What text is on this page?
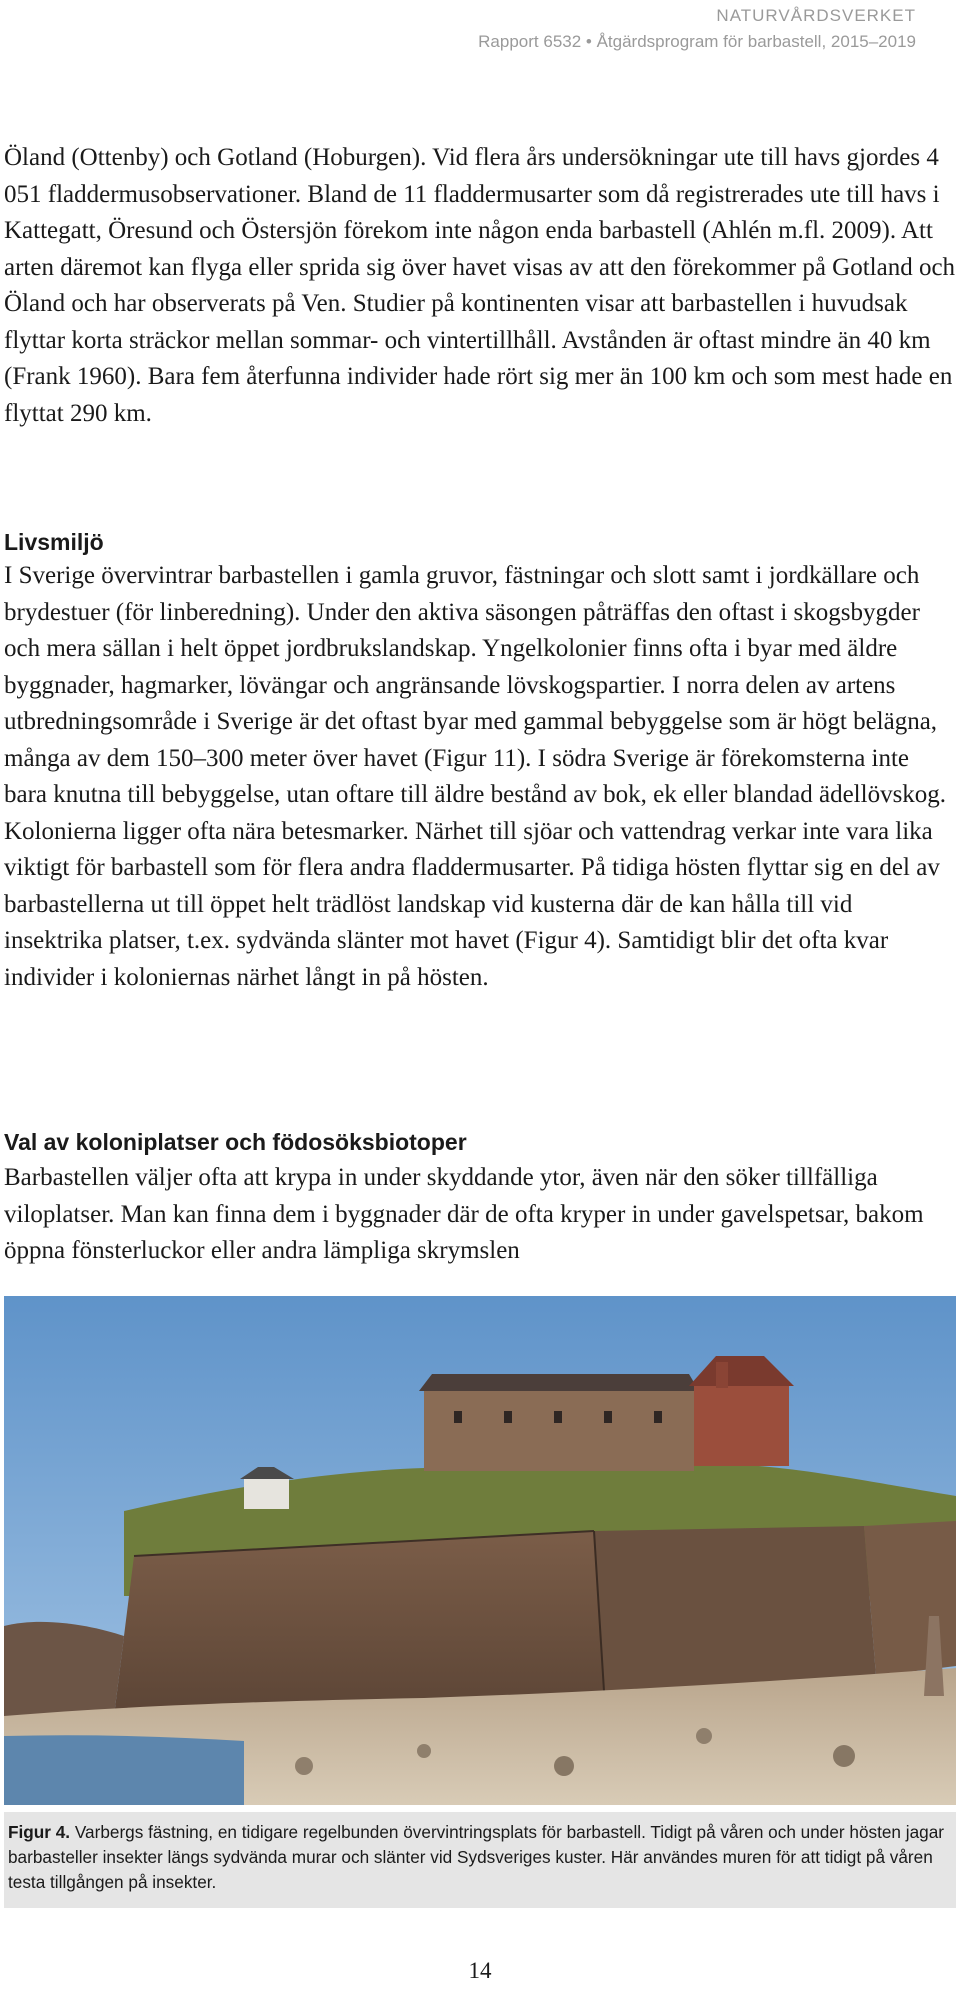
NATURVÅRDSVERKET
Rapport 6532 • Åtgärdsprogram för barbastell, 2015–2019

Öland (Ottenby) och Gotland (Hoburgen). Vid flera års undersökningar ute till havs gjordes 4 051 fladdermusobservationer. Bland de 11 fladdermusarter som då registrerades ute till havs i Kattegatt, Öresund och Östersjön förekom inte någon enda barbastell (Ahlén m.fl. 2009). Att arten däremot kan flyga eller sprida sig över havet visas av att den förekommer på Gotland och Öland och har observerats på Ven. Studier på kontinenten visar att barbastellen i huvudsak flyttar korta sträckor mellan sommar- och vintertillhåll. Avstånden är oftast mindre än 40 km (Frank 1960). Bara fem återfunna individer hade rört sig mer än 100 km och som mest hade en flyttat 290 km.

Livsmiljö

I Sverige övervintrar barbastellen i gamla gruvor, fästningar och slott samt i jordkällare och brydestuer (för linberedning). Under den aktiva säsongen påträffas den oftast i skogsbygder och mera sällan i helt öppet jordbrukslandskap. Yngelkolonier finns ofta i byar med äldre byggnader, hagmarker, lövängar och angränsande lövskogspartier. I norra delen av artens utbredningsområde i Sverige är det oftast byar med gammal bebyggelse som är högt belägna, många av dem 150–300 meter över havet (Figur 11). I södra Sverige är förekomsterna inte bara knutna till bebyggelse, utan oftare till äldre bestånd av bok, ek eller blandad ädellövskog. Kolonierna ligger ofta nära betesmarker. Närhet till sjöar och vattendrag verkar inte vara lika viktigt för barbastell som för flera andra fladdermusarter. På tidiga hösten flyttar sig en del av barbastellerna ut till öppet helt trädlöst landskap vid kusterna där de kan hålla till vid insektrika platser, t.ex. sydvända slänter mot havet (Figur 4). Samtidigt blir det ofta kvar individer i koloniernas närhet långt in på hösten.

Val av koloniplatser och födosöksbiotoper

Barbastellen väljer ofta att krypa in under skyddande ytor, även när den söker tillfälliga viloplatser. Man kan finna dem i byggnader där de ofta kryper in under gavelspetsar, bakom öppna fönsterluckor eller andra lämpliga skrymslen

Figur 4. Varbergs fästning, en tidigare regelbunden övervintringsplats för barbastell. Tidigt på våren och under hösten jagar barbasteller insekter längs sydvända murar och slänter vid Sydsveriges kuster. Här användes muren för att tidigt på våren testa tillgången på insekter.

14
